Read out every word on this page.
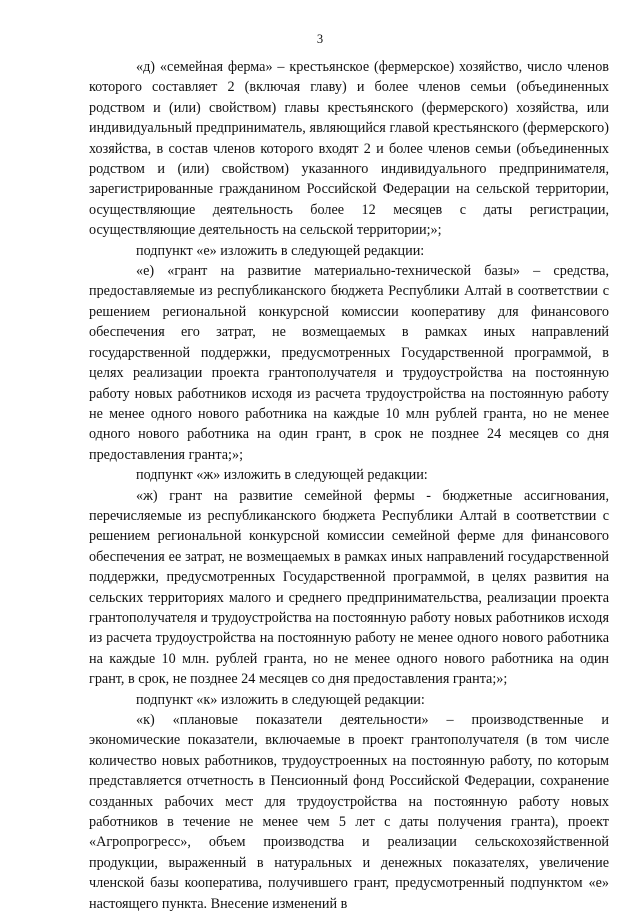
3

«д) «семейная ферма» – крестьянское (фермерское) хозяйство, число членов которого составляет 2 (включая главу) и более членов семьи (объединенных родством и (или) свойством) главы крестьянского (фермерского) хозяйства, или индивидуальный предприниматель, являющийся главой крестьянского (фермерского) хозяйства, в состав членов которого входят 2 и более членов семьи (объединенных родством и (или) свойством) указанного индивидуального предпринимателя, зарегистрированные гражданином Российской Федерации на сельской территории, осуществляющие деятельность более 12 месяцев с даты регистрации, осуществляющие деятельность на сельской территории;»;

подпункт «е» изложить в следующей редакции:

«е) «грант на развитие материально-технической базы» – средства, предоставляемые из республиканского бюджета Республики Алтай в соответствии с решением региональной конкурсной комиссии кооперативу для финансового обеспечения его затрат, не возмещаемых в рамках иных направлений государственной поддержки, предусмотренных Государственной программой, в целях реализации проекта грантополучателя и трудоустройства на постоянную работу новых работников исходя из расчета трудоустройства на постоянную работу не менее одного нового работника на каждые 10 млн рублей гранта, но не менее одного нового работника на один грант, в срок не позднее 24 месяцев со дня предоставления гранта;»;

подпункт «ж» изложить в следующей редакции:

«ж) грант на развитие семейной фермы - бюджетные ассигнования, перечисляемые из республиканского бюджета Республики Алтай в соответствии с решением региональной конкурсной комиссии семейной ферме для финансового обеспечения ее затрат, не возмещаемых в рамках иных направлений государственной поддержки, предусмотренных Государственной программой, в целях развития на сельских территориях малого и среднего предпринимательства, реализации проекта грантополучателя и трудоустройства на постоянную работу новых работников исходя из расчета трудоустройства на постоянную работу не менее одного нового работника на каждые 10 млн. рублей гранта, но не менее одного нового работника на один грант, в срок, не позднее 24 месяцев со дня предоставления гранта;»;

подпункт «к» изложить в следующей редакции:

«к) «плановые показатели деятельности» – производственные и экономические показатели, включаемые в проект грантополучателя (в том числе количество новых работников, трудоустроенных на постоянную работу, по которым представляется отчетность в Пенсионный фонд Российской Федерации, сохранение созданных рабочих мест для трудоустройства на постоянную работу новых работников в течение не менее чем 5 лет с даты получения гранта), проект «Агропрогресс», объем производства и реализации сельскохозяйственной продукции, выраженный в натуральных и денежных показателях, увеличение членской базы кооператива, получившего грант, предусмотренный подпунктом «е» настоящего пункта. Внесение изменений в
